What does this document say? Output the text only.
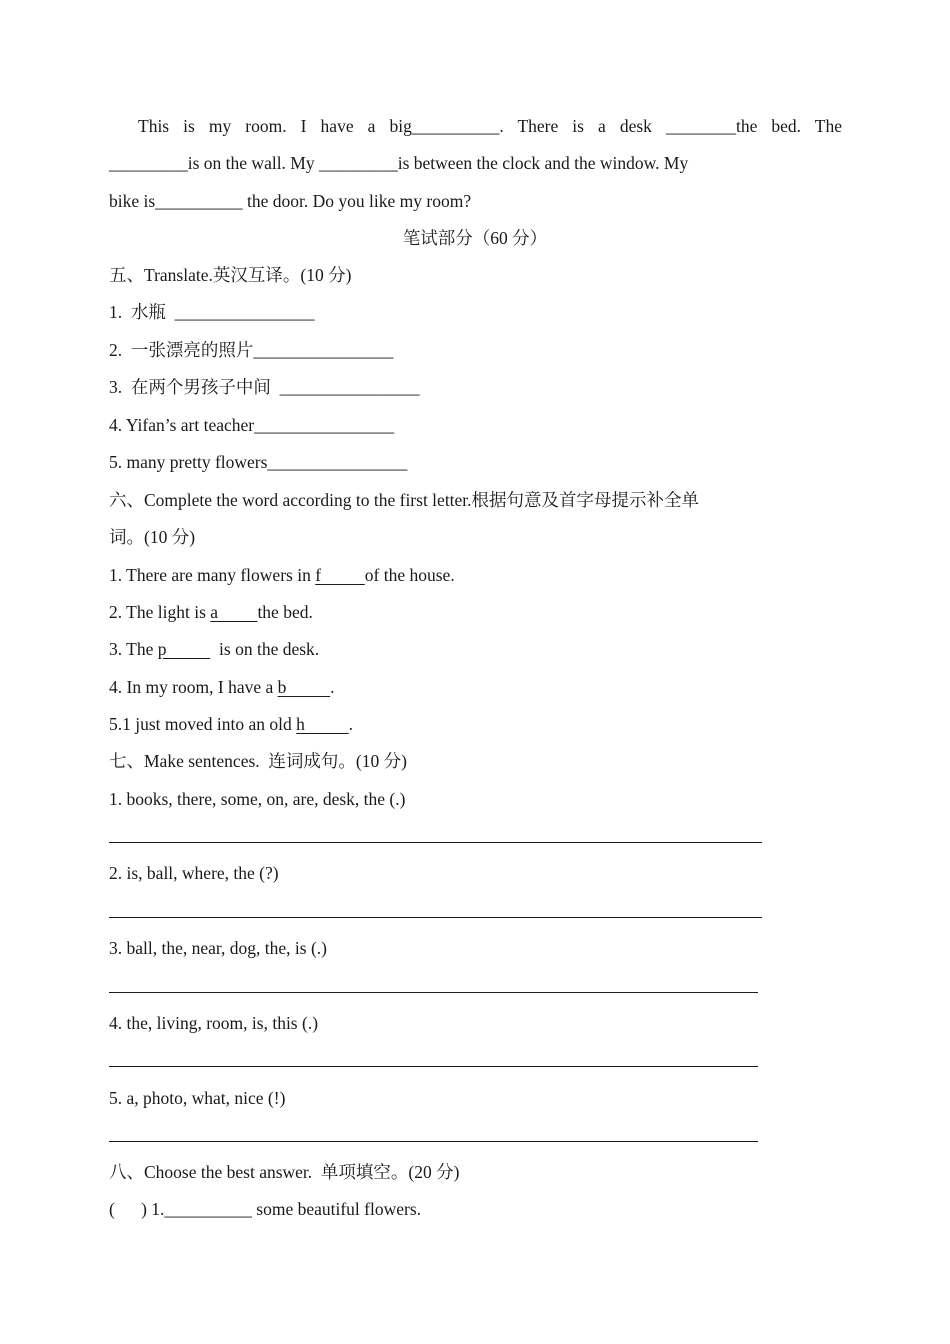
This is my room. I have a big__________. There is a desk ________the bed. The
_________is on the wall. My _________is between the clock and the window. My
bike is__________ the door. Do you like my room?
笔试部分（60 分）
五、Translate.英汉互译。(10 分)
1.  水瓶  ________________
2.  一张漂亮的照片________________
3.  在两个男孩子中间  ________________
4. Yifan’s art teacher________________
5. many pretty flowers________________
六、Complete the word according to the first letter.根据句意及首字母提示补全单
词。(10 分)
1. There are many flowers in f          of the house.
2. The light is a         the bed.
3. The p            is on the desk.
4. In my room, I have a b          .
5.1 just moved into an old h          .
七、Make sentences.  连词成句。(10 分)
1. books, there, some, on, are, desk, the (.)
2. is, ball, where, the (?)
3. ball, the, near, dog, the, is (.)
4. the, living, room, is, this (.)
5. a, photo, what, nice (!)
八、Choose the best answer.  单项填空。(20 分)
(      ) 1.__________ some beautiful flowers.
